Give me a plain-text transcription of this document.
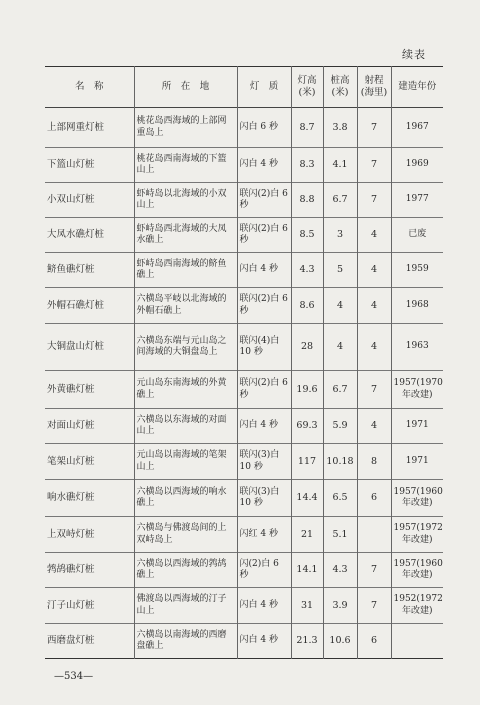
续表
名　称	所　在　地	灯　质	灯高(米)	桩高(米)	射程(海里)	建造年份
上部网重灯桩	桃花岛西海域的上部网重岛上	闪白 6 秒	8.7	3.8	7	1967
下篮山灯桩	桃花岛西南海域的下篮山上	闪白 4 秒	8.3	4.1	7	1969
小双山灯桩	虾峙岛以北海域的小双山上	联闪(2)白 6 秒	8.8	6.7	7	1977
大凤水礁灯桩	虾峙岛西北海域的大凤水礁上	联闪(2)白 6 秒	8.5	3	4	已废
鲚鱼礁灯桩	虾峙岛西南海域的鲚鱼礁上	闪白 4 秒	4.3	5	4	1959
外帽石礁灯桩	六横岛平岐以北海域的外帽石礁上	联闪(2)白 6 秒	8.6	4	4	1968
大铜盘山灯桩	六横岛东端与元山岛之间海域的大铜盘岛上	联闪(4)白 10 秒	28	4	4	1963
外黄礁灯桩	元山岛东南海域的外黄礁上	联闪(2)白 6 秒	19.6	6.7	7	1957(1970年改建)
对面山灯桩	六横岛以东海域的对面山上	闪白 4 秒	69.3	5.9	4	1971
笔架山灯桩	元山岛以南海域的笔架山上	联闪(3)白 10 秒	117	10.18	8	1971
响水礁灯桩	六横岛以西海域的响水礁上	联闪(3)白 10 秒	14.4	6.5	6	1957(1960年改建)
上双峙灯桩	六横岛与佛渡岛间的上双峙岛上	闪红 4 秒	21	5.1		1957(1972年改建)
鹁鸪礁灯桩	六横岛以西海域的鹁鸪礁上	闪(2)白 6 秒	14.1	4.3	7	1957(1960年改建)
汀子山灯桩	佛渡岛以西海域的汀子山上	闪白 4 秒	31	3.9	7	1952(1972年改建)
西磨盘灯桩	六横岛以南海域的西磨盘礁上	闪白 4 秒	21.3	10.6	6	
—534—
